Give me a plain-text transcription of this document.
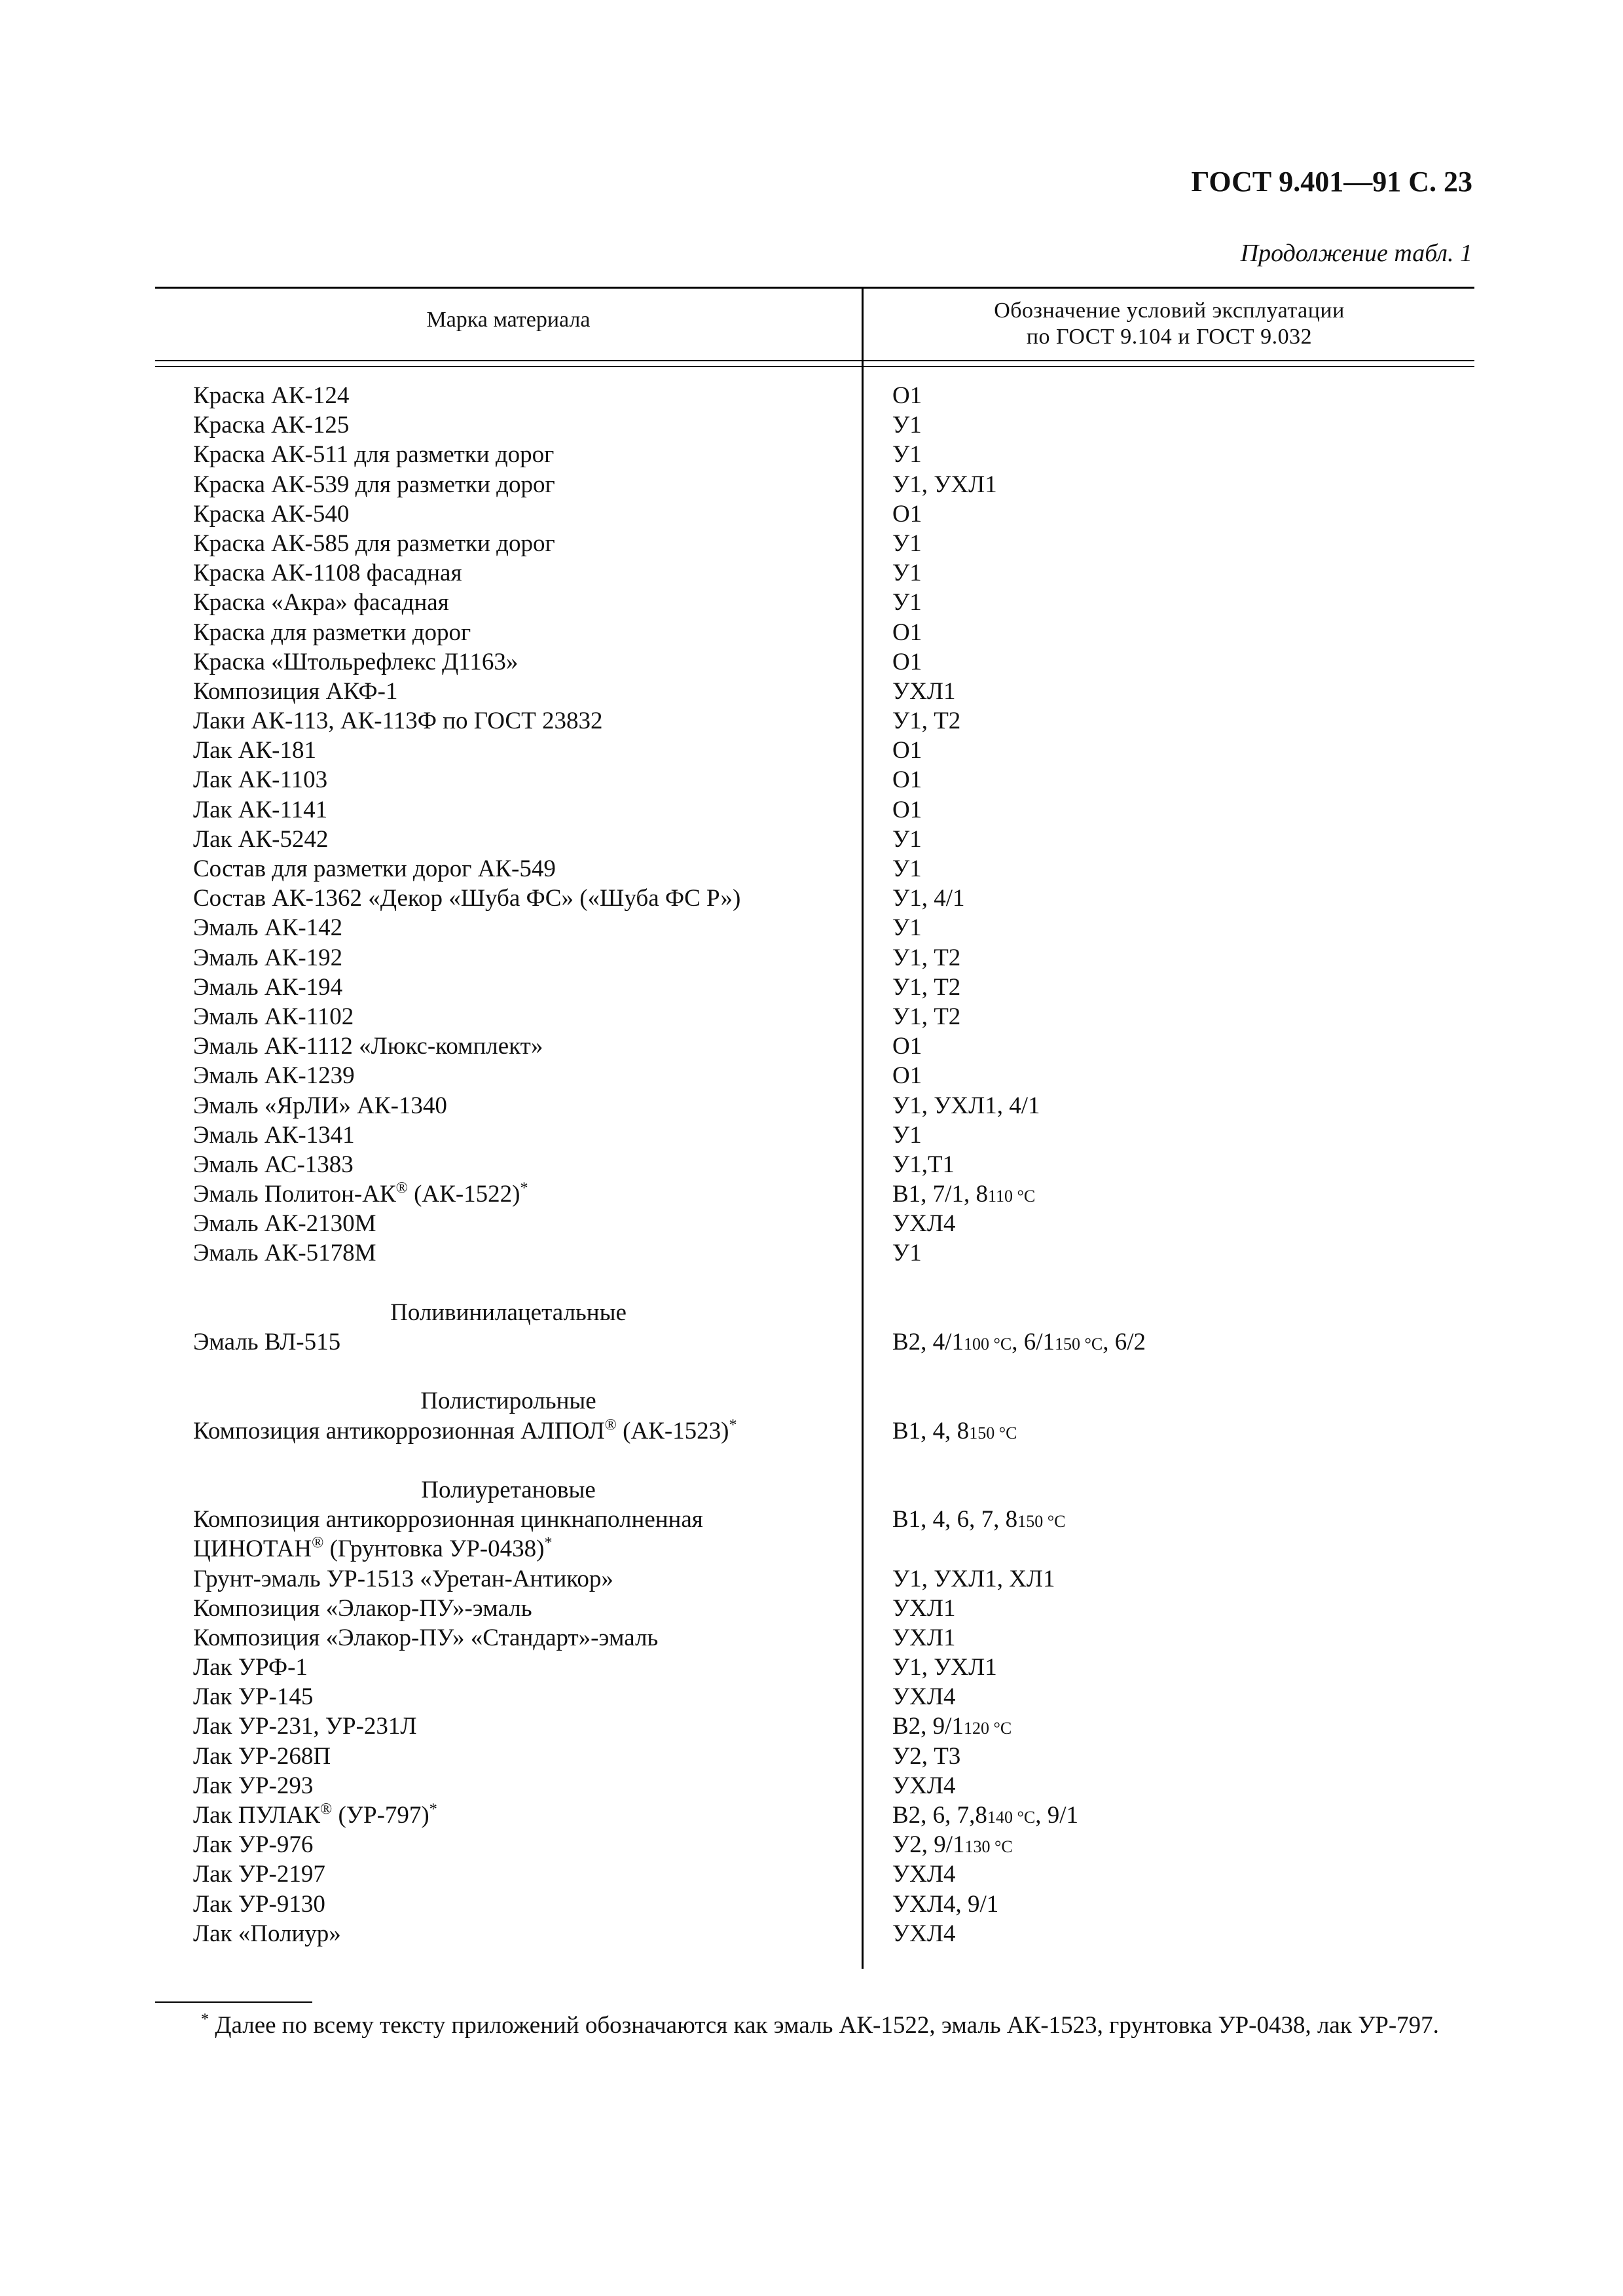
ГОСТ 9.401—91 С. 23
Продолжение табл. 1
Марка материала	Обозначение условий эксплуатации
по ГОСТ 9.104 и ГОСТ 9.032
Краска АК-124	О1
Краска АК-125	У1
Краска АК-511 для разметки дорог	У1
Краска АК-539 для разметки дорог	У1, УХЛ1
Краска АК-540	О1
Краска АК-585 для разметки дорог	У1
Краска АК-1108 фасадная	У1
Краска «Акра» фасадная	У1
Краска для разметки дорог	О1
Краска «Штольрефлекс Д1163»	О1
Композиция АКФ-1	УХЛ1
Лаки АК-113, АК-113Ф по ГОСТ 23832	У1, Т2
Лак АК-181	О1
Лак АК-1103	О1
Лак АК-1141	О1
Лак АК-5242	У1
Состав для разметки дорог АК-549	У1
Состав АК-1362 «Декор «Шуба ФС» («Шуба ФС Р»)	У1, 4/1
Эмаль АК-142	У1
Эмаль АК-192	У1, Т2
Эмаль АК-194	У1, Т2
Эмаль АК-1102	У1, Т2
Эмаль АК-1112 «Люкс-комплект»	О1
Эмаль АК-1239	О1
Эмаль «ЯрЛИ» АК-1340	У1, УХЛ1, 4/1
Эмаль АК-1341	У1
Эмаль АС-1383	У1,Т1
Эмаль Политон-АК® (АК-1522)*	В1, 7/1, 8110 °С
Эмаль АК-2130М	УХЛ4
Эмаль АК-5178М	У1
Поливинилацетальные
Эмаль ВЛ-515	В2, 4/1100 °С, 6/1150 °С, 6/2
Полистирольные
Композиция антикоррозионная АЛПОЛ® (АК-1523)*	В1, 4, 8150 °С
Полиуретановые
Композиция антикоррозионная цинкнаполненная	В1, 4, 6, 7, 8150 °С
ЦИНОТАН® (Грунтовка УР-0438)*
Грунт-эмаль УР-1513 «Уретан-Антикор»	У1, УХЛ1, ХЛ1
Композиция «Элакор-ПУ»-эмаль	УХЛ1
Композиция «Элакор-ПУ» «Стандарт»-эмаль	УХЛ1
Лак УРФ-1	У1, УХЛ1
Лак УР-145	УХЛ4
Лак УР-231, УР-231Л	В2, 9/1120 °С
Лак УР-268П	У2, Т3
Лак УР-293	УХЛ4
Лак ПУЛАК® (УР-797)*	В2, 6, 7,8140 °С, 9/1
Лак УР-976	У2, 9/1130 °С
Лак УР-2197	УХЛ4
Лак УР-9130	УХЛ4, 9/1
Лак «Полиур»	УХЛ4
* Далее по всему тексту приложений обозначаются как эмаль АК-1522, эмаль АК-1523, грунтовка УР-0438, лак УР-797.
